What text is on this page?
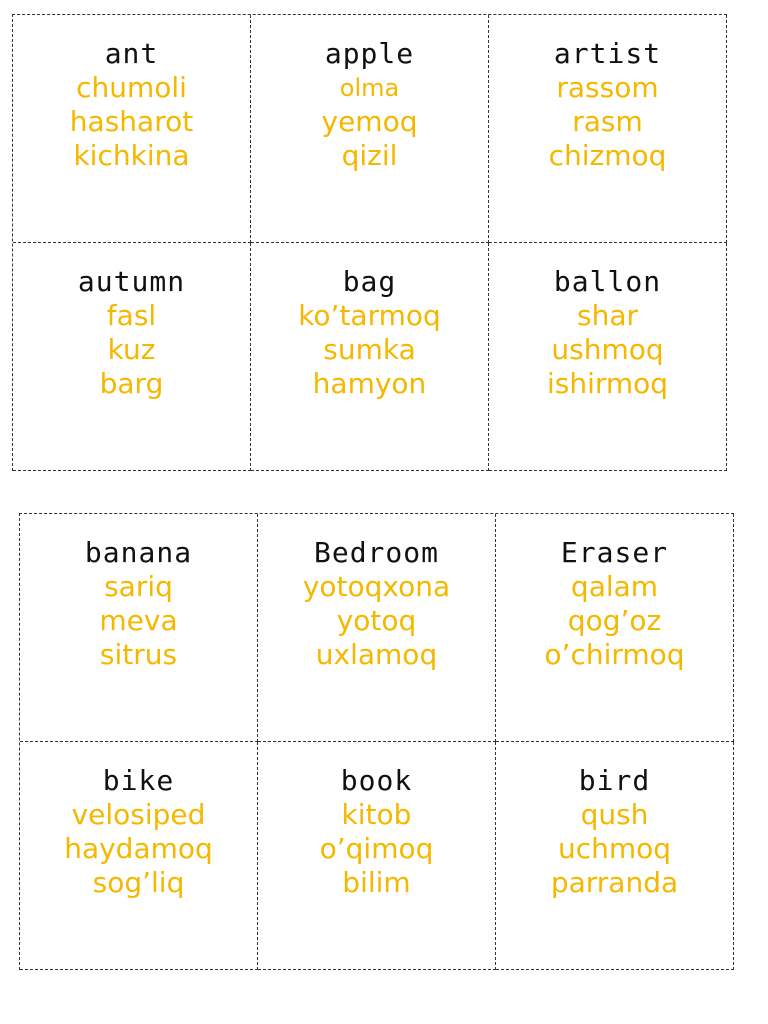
ant
chumoli
hasharot
kichkina
apple
olma
yemoq
qizil
artist
rassom
rasm
chizmoq
autumn
fasl
kuz
barg
bag
ko’tarmoq
sumka
hamyon
ballon
shar
ushmoq
ishirmoq
banana
sariq
meva
sitrus
Bedroom
yotoqxona
yotoq
uxlamoq
Eraser
qalam
qog’oz
o’chirmoq
bike
velosiped
haydamoq
sog’liq
book
kitob
o’qimoq
bilim
bird
qush
uchmoq
parranda
